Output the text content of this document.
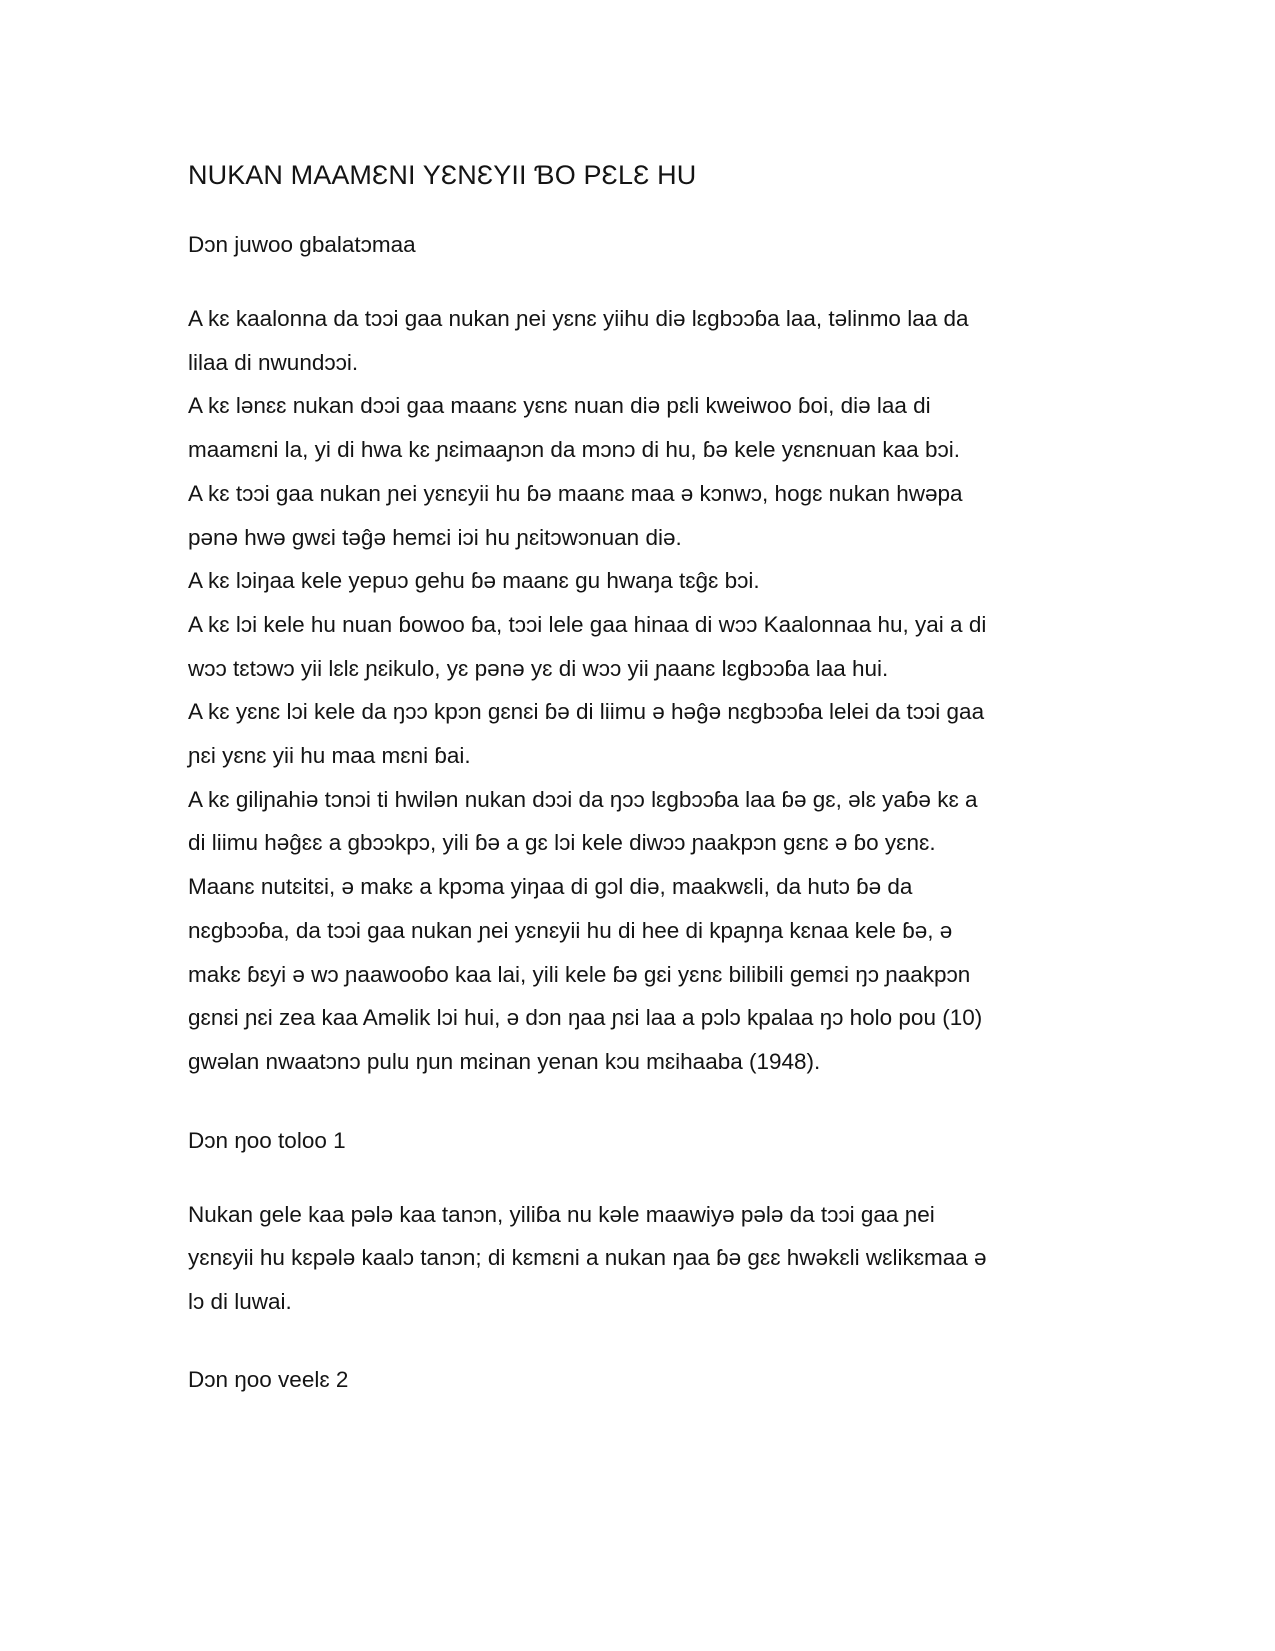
NUKAN MAAMƐNI YƐNƐYII ƁO PƐLƐ HU
Dɔn juwoo gbalatɔmaa

A kɛ kaalonna da tɔɔi gaa nukan ɲei yɛnɛ yiihu diə lɛgbɔɔɓa laa, təlinmo laa da
lilaa di nwundɔɔi.
A kɛ lənɛɛ nukan dɔɔi gaa maanɛ yɛnɛ nuan diə pɛli kweiwoo ɓoi, diə laa di
maamɛni la, yi di hwa kɛ ɲɛimaaɲɔn da mɔnɔ di hu, ɓə kele yɛnɛnuan kaa bɔi.
A kɛ tɔɔi gaa nukan ɲei yɛnɛyii hu ɓə maanɛ maa ə kɔnwɔ, hogɛ nukan hwəpa
pənə hwə gwɛi təĝə hemɛi iɔi hu ɲɛitɔwɔnuan diə.
A kɛ lɔiŋaa kele yepuɔ gehu ɓə maanɛ gu hwaŋa tɛĝɛ bɔi.
A kɛ lɔi kele hu nuan ɓowoo ɓa, tɔɔi lele gaa hinaa di wɔɔ Kaalonnaa hu, yai a di
wɔɔ tɛtɔwɔ yii lɛlɛ ɲɛikulo, yɛ pənə yɛ di wɔɔ yii ɲaanɛ lɛgbɔɔɓa laa hui.
A kɛ yɛnɛ lɔi kele da ŋɔɔ kpɔn gɛnɛi ɓə di liimu ə həĝə nɛgbɔɔɓa lelei da tɔɔi gaa
ɲɛi yɛnɛ yii hu maa mɛni ɓai.
A kɛ giliɲahiə tɔnɔi ti hwilən nukan dɔɔi da ŋɔɔ lɛgbɔɔɓa laa ɓə gɛ, əlɛ yaɓə kɛ a
di liimu həĝɛɛ a gbɔɔkpɔ, yili ɓə a gɛ lɔi kele diwɔɔ ɲaakpɔn gɛnɛ ə ɓo yɛnɛ.
Maanɛ nutɛitɛi, ə makɛ a kpɔma yiŋaa di gɔl diə, maakwɛli, da hutɔ ɓə da
nɛgbɔɔɓa, da tɔɔi gaa nukan ɲei yɛnɛyii hu di hee di kpaɲŋa kɛnaa kele ɓə, ə
makɛ ɓɛyi ə wɔ ɲaawooɓo kaa lai, yili kele ɓə gɛi yɛnɛ bilibili gemɛi ŋɔ ɲaakpɔn
gɛnɛi ɲɛi zea kaa Aməlik lɔi hui, ə dɔn ŋaa ɲɛi laa a pɔlɔ kpalaa ŋɔ holo pou (10)
gwəlan nwaatɔnɔ pulu ŋun mɛinan yenan kɔu mɛihaaba (1948).

Dɔn ŋoo toloo 1

Nukan gele kaa pələ kaa tanɔn, yiliɓa nu kəle maawiyə pələ da tɔɔi gaa ɲei
yɛnɛyii hu kɛpələ kaalɔ tanɔn; di kɛmɛni a nukan ŋaa ɓə gɛɛ hwəkɛli wɛlikɛmaa ə
lɔ di luwai.

Dɔn ŋoo veelɛ 2
